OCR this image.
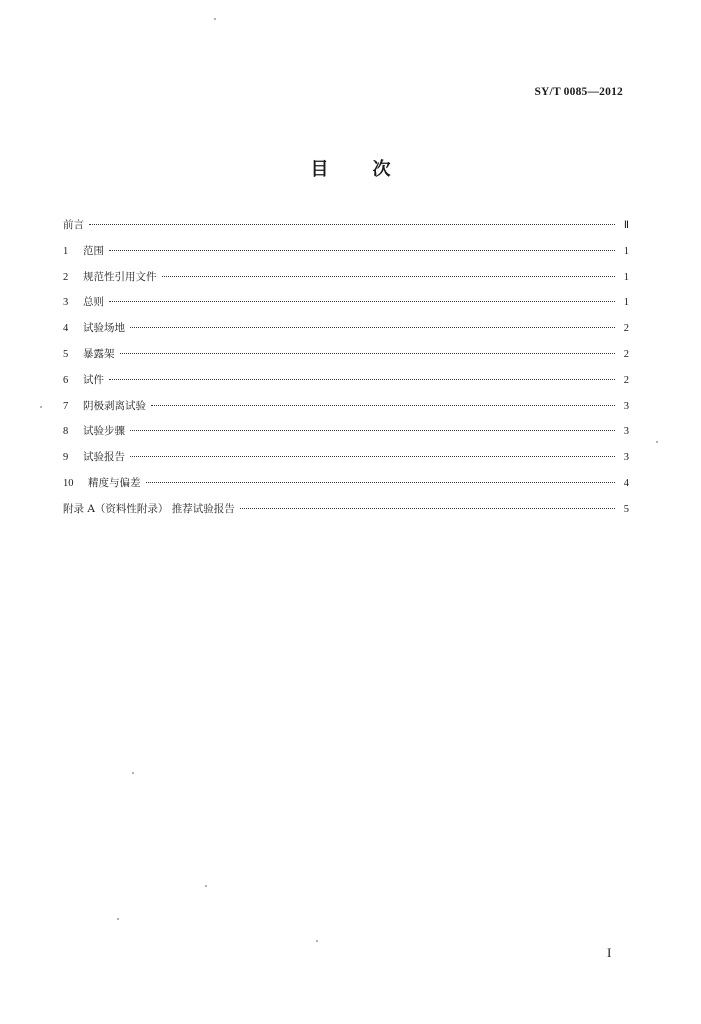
SY/T 0085—2012
目 次
前言	Ⅱ
1	范围	1
2	规范性引用文件	1
3	总则	1
4	试验场地	2
5	暴露架	2
6	试件	2
7	阴极剥离试验	3
8	试验步骤	3
9	试验报告	3
10	精度与偏差	4
附录 A（资料性附录） 推荐试验报告	5
I
